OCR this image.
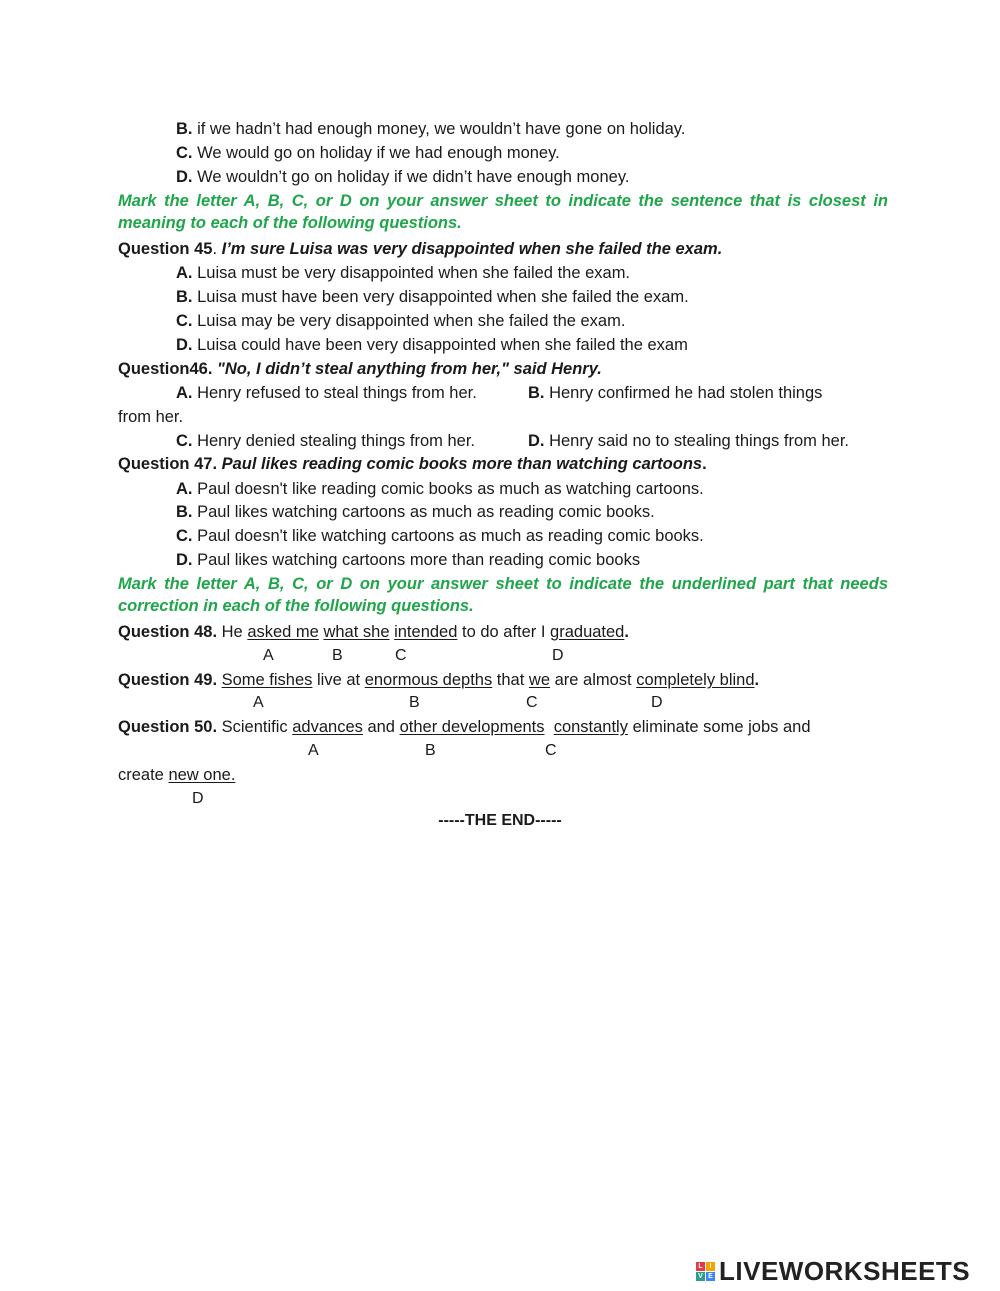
B. if we hadn’t had enough money, we wouldn’t have gone on holiday.
C. We would go on holiday if we had enough money.
D. We wouldn’t go on holiday if we didn’t have enough money.
Mark the letter A, B, C, or D on your answer sheet to indicate the sentence that is closest in meaning to each of the following questions.
Question 45. I’m sure Luisa was very disappointed when she failed the exam.
A. Luisa must be very disappointed when she failed the exam.
B. Luisa must have been very disappointed when she failed the exam.
C. Luisa may be very disappointed when she failed the exam.
D. Luisa could have been very disappointed when she failed the exam
Question46. "No, I didn’t steal anything from her," said Henry.
A. Henry refused to steal things from her.	B. Henry confirmed he had stolen things
from her.
C. Henry denied stealing things from her.	D. Henry said no to stealing things from her.
Question 47. Paul likes reading comic books more than watching cartoons.
A. Paul doesn't like reading comic books as much as watching cartoons.
B. Paul likes watching cartoons as much as reading comic books.
C. Paul doesn't like watching cartoons as much as reading comic books.
D. Paul likes watching cartoons more than reading comic books
Mark the letter A, B, C, or D on your answer sheet to indicate the underlined part that needs correction in each of the following questions.
Question 48. He asked me what she intended to do after I graduated.
A	B	C	D
Question 49. Some fishes live at enormous depths that we are almost completely blind.
A	B	C	D
Question 50. Scientific advances and other developments constantly eliminate some jobs and
A	B	C
create new one.
D
-----THE END-----
L I
V E LIVEWORKSHEETS
